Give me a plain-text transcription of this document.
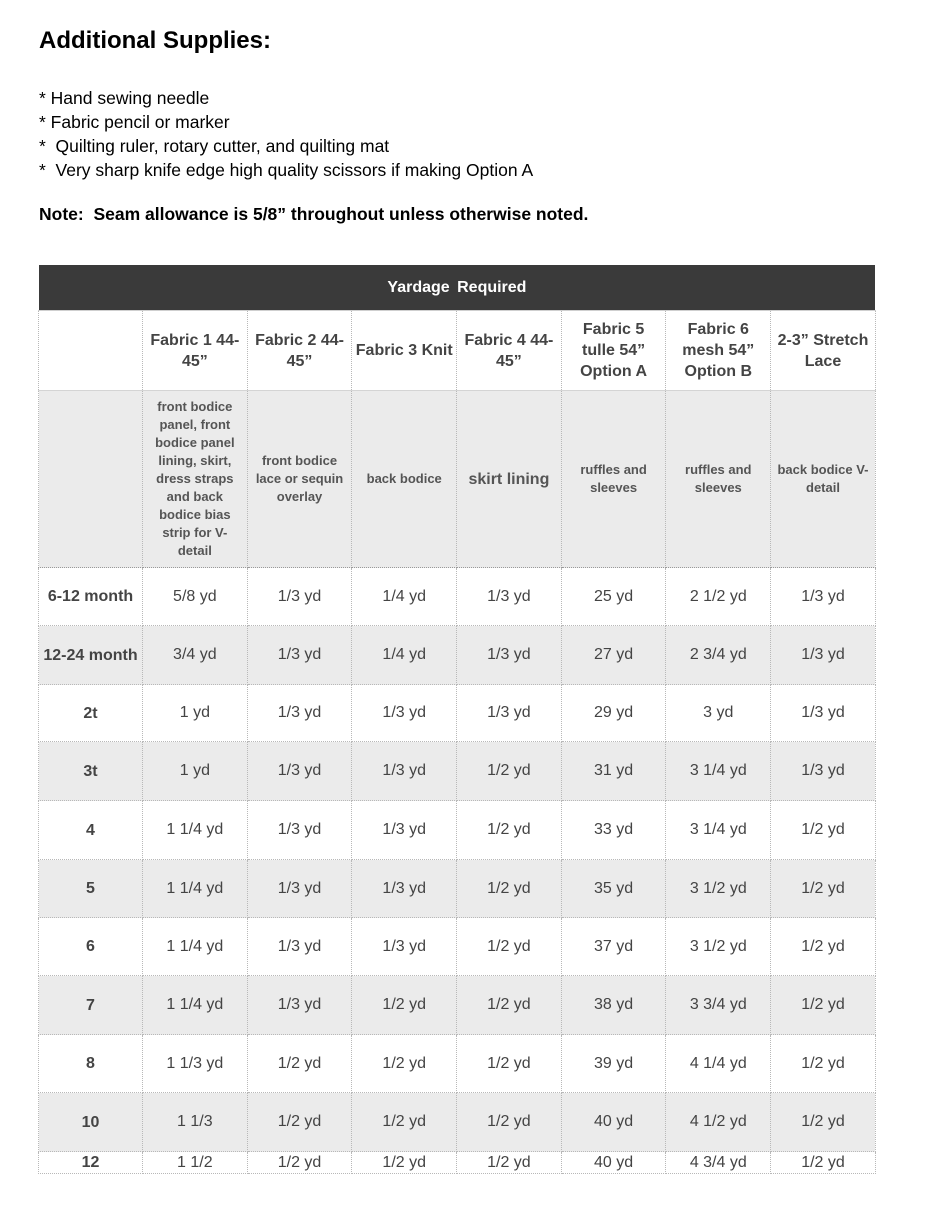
Additional Supplies:
* Hand sewing needle
* Fabric pencil or marker
*  Quilting ruler, rotary cutter, and quilting mat
*  Very sharp knife edge high quality scissors if making Option A

Note:  Seam allowance is 5/8” throughout unless otherwise noted.

Yardage Required							
	Fabric 1 44-45”	Fabric 2 44-45”	Fabric 3 Knit	Fabric 4 44-45”	Fabric 5 tulle 54” Option A	Fabric 6 mesh 54” Option B	2-3” Stretch Lace
	front bodice panel, front bodice panel lining, skirt, dress straps and back bodice bias strip for V-detail	front bodice lace or sequin overlay	back bodice	skirt lining	ruffles and sleeves	ruffles and sleeves	back bodice V-detail
6-12 month	5/8 yd	1/3 yd	1/4 yd	1/3 yd	25 yd	2 1/2 yd	1/3 yd
12-24 month	3/4 yd	1/3 yd	1/4 yd	1/3 yd	27 yd	2 3/4 yd	1/3 yd
2t	1 yd	1/3 yd	1/3 yd	1/3 yd	29 yd	3 yd	1/3 yd
3t	1 yd	1/3 yd	1/3 yd	1/2 yd	31 yd	3 1/4 yd	1/3 yd
4	1 1/4 yd	1/3 yd	1/3 yd	1/2 yd	33 yd	3 1/4 yd	1/2 yd
5	1 1/4 yd	1/3 yd	1/3 yd	1/2 yd	35 yd	3 1/2 yd	1/2 yd
6	1 1/4 yd	1/3 yd	1/3 yd	1/2 yd	37 yd	3 1/2 yd	1/2 yd
7	1 1/4 yd	1/3 yd	1/2 yd	1/2 yd	38 yd	3 3/4 yd	1/2 yd
8	1 1/3 yd	1/2 yd	1/2 yd	1/2 yd	39 yd	4 1/4 yd	1/2 yd
10	1 1/3	1/2 yd	1/2 yd	1/2 yd	40 yd	4 1/2 yd	1/2 yd
12	1 1/2	1/2 yd	1/2 yd	1/2 yd	40 yd	4 3/4 yd	1/2 yd
